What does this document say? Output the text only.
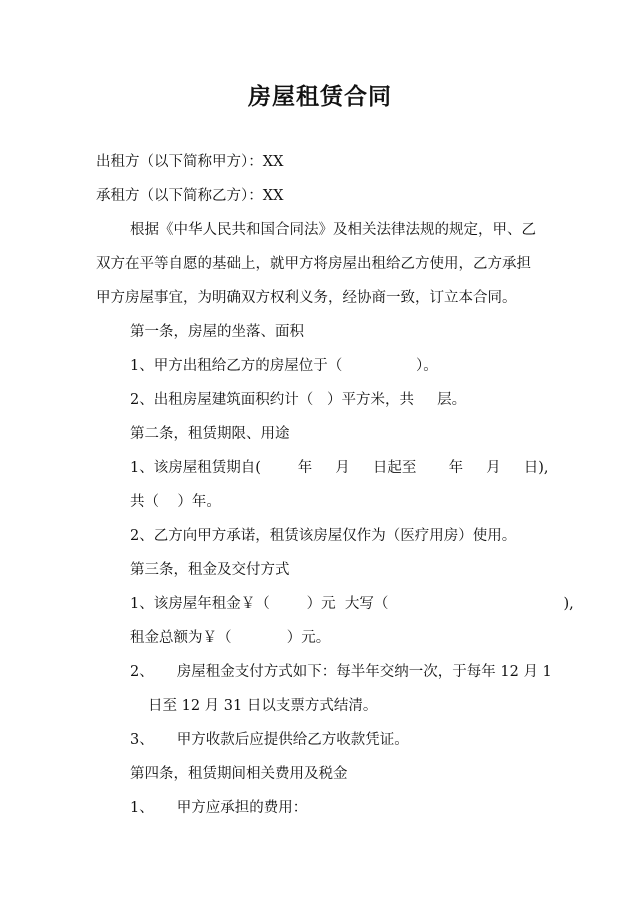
房屋租赁合同
出租方（以下简称甲方）：XX
承租方（以下简称乙方）：XX
根据《中华人民共和国合同法》及相关法律法规的规定，甲、乙
双方在平等自愿的基础上，就甲方将房屋出租给乙方使用，乙方承担
甲方房屋事宜，为明确双方权利义务，经协商一致，订立本合同。
第一条，房屋的坐落、面积
1、甲方出租给乙方的房屋位于（                ）。
2、出租房屋建筑面积约计（   ）平方米，共     层。
第二条，租赁期限、用途
1、该房屋租赁期自(        年     月     日起至       年     月     日),
共（    ）年。
2、乙方向甲方承诺，租赁该房屋仅作为（医疗用房）使用。
第三条，租金及交付方式
1、该房屋年租金￥（        ）元  大写（                                      ),
租金总额为￥（            ）元。
2、     房屋租金支付方式如下：每半年交纳一次，于每年 12 月 1
日至 12 月 31 日以支票方式结清。
3、     甲方收款后应提供给乙方收款凭证。
第四条，租赁期间相关费用及税金
1、     甲方应承担的费用：
